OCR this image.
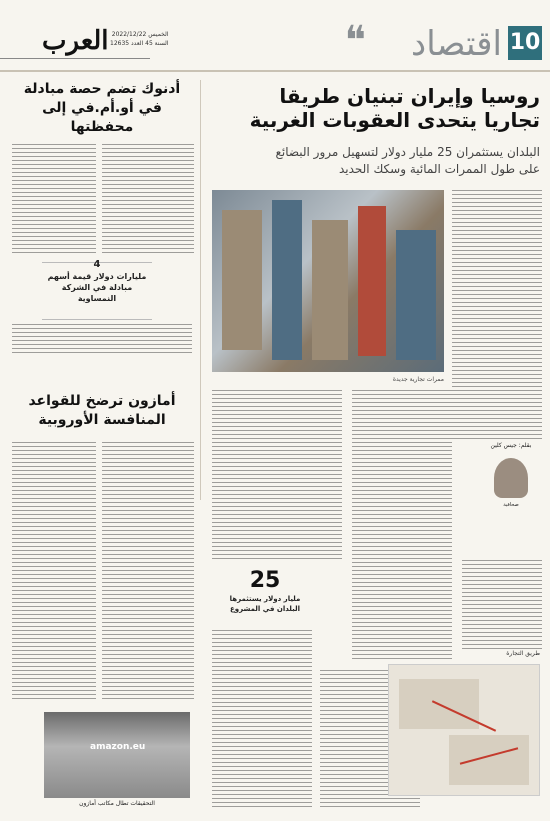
10
اقتصاد
❝
العرب الخميس 2022/12/22
السنة 45 العدد 12635
روسيا وإيران تبنيان طريقا
تجاريا يتحدى العقوبات الغربية
البلدان يستثمران 25 مليار دولار لتسهيل مرور البضائع
على طول الممرات المائية وسكك الحديد
ممرات تجارية جديدة
بقلم: جيس كلين
صحافية
25
مليار دولار يستثمرها البلدان في المشروع
طريق التجارة
أدنوك تضم حصة مبادلة في أو.أم.في إلى محفظتها
4
مليارات دولار قيمة أسهم مبادلة في الشركة النمساوية
أمازون ترضخ للقواعد المنافسة الأوروبية
amazon.eu
التحقيقات تطال مكاتب أمازون
